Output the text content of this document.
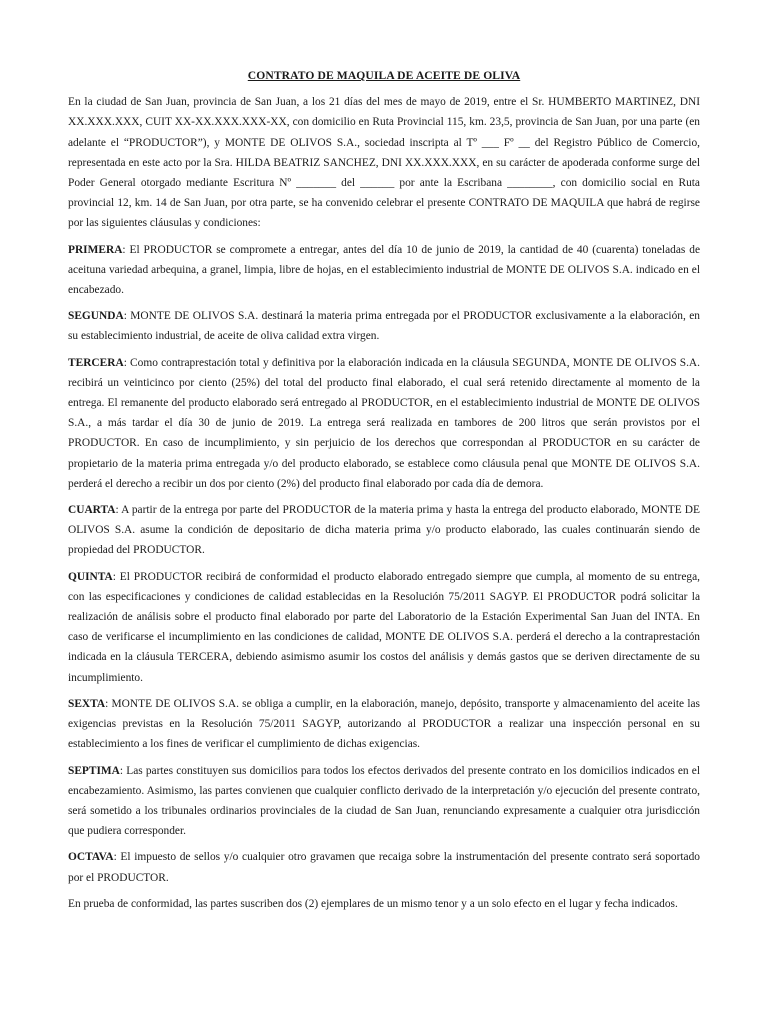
CONTRATO DE MAQUILA DE ACEITE DE OLIVA

En la ciudad de San Juan, provincia de San Juan, a los 21 días del mes de mayo de 2019, entre el Sr. HUMBERTO MARTINEZ, DNI XX.XXX.XXX, CUIT XX-XX.XXX.XXX-XX, con domicilio en Ruta Provincial 115, km. 23,5, provincia de San Juan, por una parte (en adelante el “PRODUCTOR”), y MONTE DE OLIVOS S.A., sociedad inscripta al Tº ___ Fº __ del Registro Público de Comercio, representada en este acto por la Sra. HILDA BEATRIZ SANCHEZ, DNI XX.XXX.XXX, en su carácter de apoderada conforme surge del Poder General otorgado mediante Escritura Nº _______ del ______ por ante la Escribana ________, con domicilio social en Ruta provincial 12, km. 14 de San Juan, por otra parte, se ha convenido celebrar el presente CONTRATO DE MAQUILA que habrá de regirse por las siguientes cláusulas y condiciones:

PRIMERA: El PRODUCTOR se compromete a entregar, antes del día 10 de junio de 2019, la cantidad de 40 (cuarenta) toneladas de aceituna variedad arbequina, a granel, limpia, libre de hojas, en el establecimiento industrial de MONTE DE OLIVOS S.A. indicado en el encabezado.

SEGUNDA: MONTE DE OLIVOS S.A. destinará la materia prima entregada por el PRODUCTOR exclusivamente a la elaboración, en su establecimiento industrial, de aceite de oliva calidad extra virgen.

TERCERA: Como contraprestación total y definitiva por la elaboración indicada en la cláusula SEGUNDA, MONTE DE OLIVOS S.A. recibirá un veinticinco por ciento (25%) del total del producto final elaborado, el cual será retenido directamente al momento de la entrega. El remanente del producto elaborado será entregado al PRODUCTOR, en el establecimiento industrial de MONTE DE OLIVOS S.A., a más tardar el día 30 de junio de 2019. La entrega será realizada en tambores de 200 litros que serán provistos por el PRODUCTOR. En caso de incumplimiento, y sin perjuicio de los derechos que correspondan al PRODUCTOR en su carácter de propietario de la materia prima entregada y/o del producto elaborado, se establece como cláusula penal que MONTE DE OLIVOS S.A. perderá el derecho a recibir un dos por ciento (2%) del producto final elaborado por cada día de demora.

CUARTA: A partir de la entrega por parte del PRODUCTOR de la materia prima y hasta la entrega del producto elaborado, MONTE DE OLIVOS S.A. asume la condición de depositario de dicha materia prima y/o producto elaborado, las cuales continuarán siendo de propiedad del PRODUCTOR.

QUINTA: El PRODUCTOR recibirá de conformidad el producto elaborado entregado siempre que cumpla, al momento de su entrega, con las especificaciones y condiciones de calidad establecidas en la Resolución 75/2011 SAGYP. El PRODUCTOR podrá solicitar la realización de análisis sobre el producto final elaborado por parte del Laboratorio de la Estación Experimental San Juan del INTA. En caso de verificarse el incumplimiento en las condiciones de calidad, MONTE DE OLIVOS S.A. perderá el derecho a la contraprestación indicada en la cláusula TERCERA, debiendo asimismo asumir los costos del análisis y demás gastos que se deriven directamente de su incumplimiento.

SEXTA: MONTE DE OLIVOS S.A. se obliga a cumplir, en la elaboración, manejo, depósito, transporte y almacenamiento del aceite las exigencias previstas en la Resolución 75/2011 SAGYP, autorizando al PRODUCTOR a realizar una inspección personal en su establecimiento a los fines de verificar el cumplimiento de dichas exigencias.

SEPTIMA: Las partes constituyen sus domicilios para todos los efectos derivados del presente contrato en los domicilios indicados en el encabezamiento. Asimismo, las partes convienen que cualquier conflicto derivado de la interpretación y/o ejecución del presente contrato, será sometido a los tribunales ordinarios provinciales de la ciudad de San Juan, renunciando expresamente a cualquier otra jurisdicción que pudiera corresponder.

OCTAVA: El impuesto de sellos y/o cualquier otro gravamen que recaiga sobre la instrumentación del presente contrato será soportado por el PRODUCTOR.

En prueba de conformidad, las partes suscriben dos (2) ejemplares de un mismo tenor y a un solo efecto en el lugar y fecha indicados.
